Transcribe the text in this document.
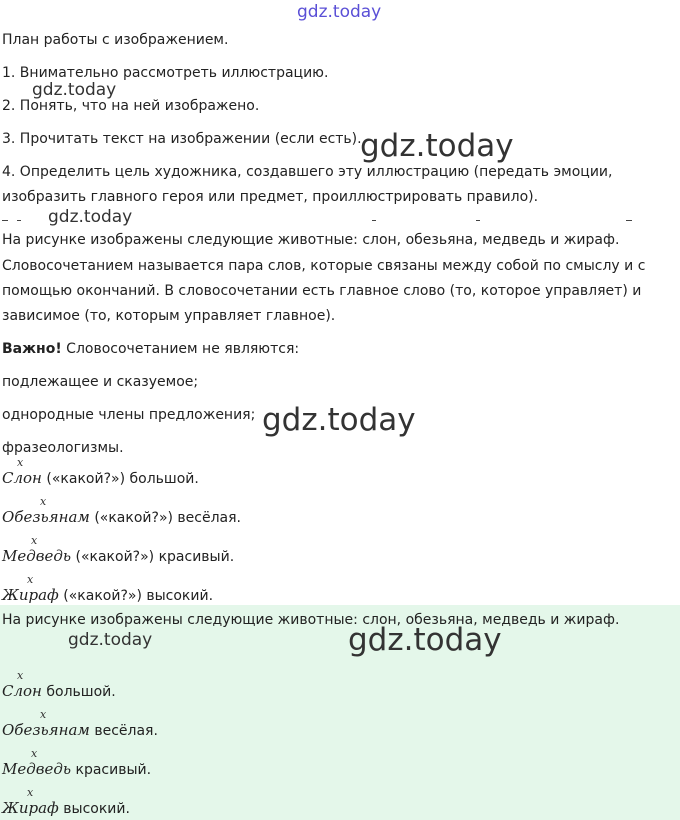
gdz.today
План работы с изображением.
1. Внимательно рассмотреть иллюстрацию.
gdz.today
2. Понять, что на ней изображено.
3. Прочитать текст на изображении (если есть).
gdz.today
4. Определить цель художника, создавшего эту иллюстрацию (передать эмоции,
изобразить главного героя или предмет, проиллюстрировать правило).
gdz.today
На рисунке изображены следующие животные: слон, обезьяна, медведь и жираф.
Словосочетанием называется пара слов, которые связаны между собой по смыслу и с
помощью окончаний. В словосочетании есть главное слово (то, которое управляет) и
зависимое (то, которым управляет главное).
Важно! Словосочетанием не являются:
подлежащее и сказуемое;
однородные члены предложения; gdz.today
фразеологизмы.
x
Слон («какой?») большой.
x
Обезьянам («какой?») весёлая.
x
Медведь («какой?») красивый.
x
Жираф («какой?») высокий.
На рисунке изображены следующие животные: слон, обезьяна, медведь и жираф.
gdz.today	gdz.today
x
Слон большой.
x
Обезьянам весёлая.
x
Медведь красивый.
x
Жираф высокий.
